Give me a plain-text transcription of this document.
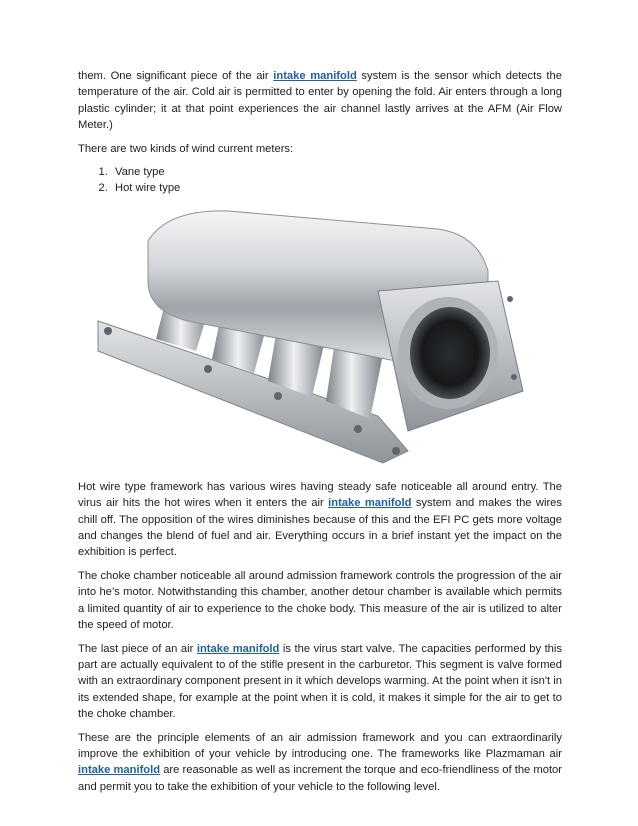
them. One significant piece of the air intake manifold system is the sensor which detects the temperature of the air. Cold air is permitted to enter by opening the fold. Air enters through a long plastic cylinder; it at that point experiences the air channel lastly arrives at the AFM (Air Flow Meter.)

There are two kinds of wind current meters:

1. Vane type
2. Hot wire type

Hot wire type framework has various wires having steady safe noticeable all around entry. The virus air hits the hot wires when it enters the air intake manifold system and makes the wires chill off. The opposition of the wires diminishes because of this and the EFI PC gets more voltage and changes the blend of fuel and air. Everything occurs in a brief instant yet the impact on the exhibition is perfect.

The choke chamber noticeable all around admission framework controls the progression of the air into he’s motor. Notwithstanding this chamber, another detour chamber is available which permits a limited quantity of air to experience to the choke body. This measure of the air is utilized to alter the speed of motor.

The last piece of an air intake manifold is the virus start valve. The capacities performed by this part are actually equivalent to of the stifle present in the carburetor. This segment is valve formed with an extraordinary component present in it which develops warming. At the point when it isn't in its extended shape, for example at the point when it is cold, it makes it simple for the air to get to the choke chamber.

These are the principle elements of an air admission framework and you can extraordinarily improve the exhibition of your vehicle by introducing one. The frameworks like Plazmaman air intake manifold are reasonable as well as increment the torque and eco-friendliness of the motor and permit you to take the exhibition of your vehicle to the following level.
